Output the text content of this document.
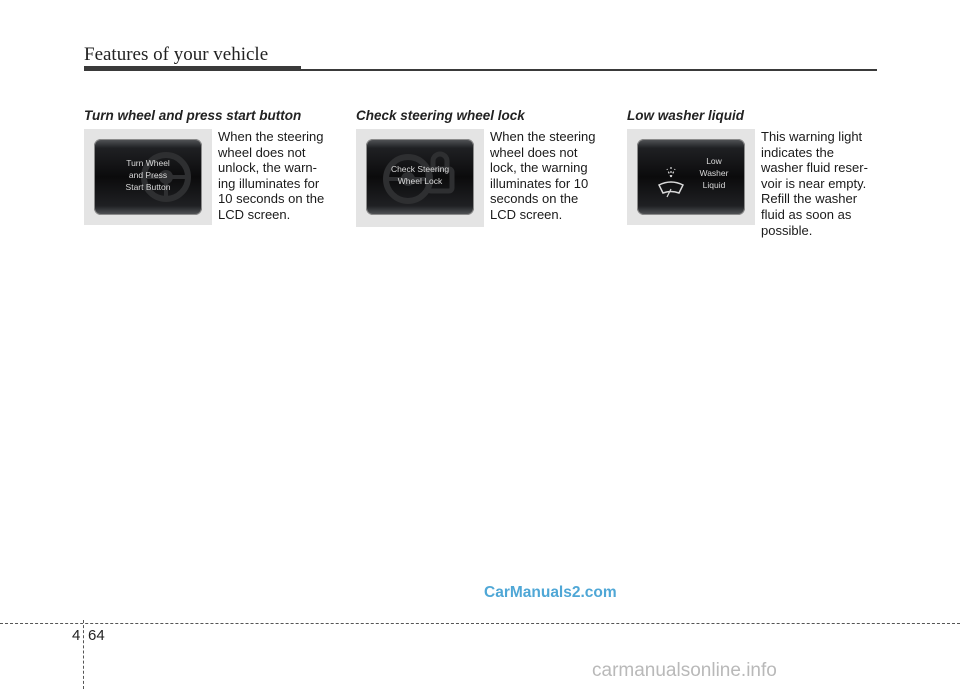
Features of your vehicle
Turn wheel and press start button
Turn Wheel
and Press
Start Button
When the steering
wheel does not
unlock, the warn-
ing illuminates for
10 seconds on the
LCD screen.
Check steering wheel lock
Check Steering
Wheel Lock
When the steering
wheel does not
lock, the warning
illuminates for 10
seconds on the
LCD screen.
Low washer liquid
Low
Washer
Liquid
This warning light
indicates the
washer fluid reser-
voir is near empty.
Refill the washer
fluid as soon as
possible.
CarManuals2.com
4 64
carmanualsonline.info
